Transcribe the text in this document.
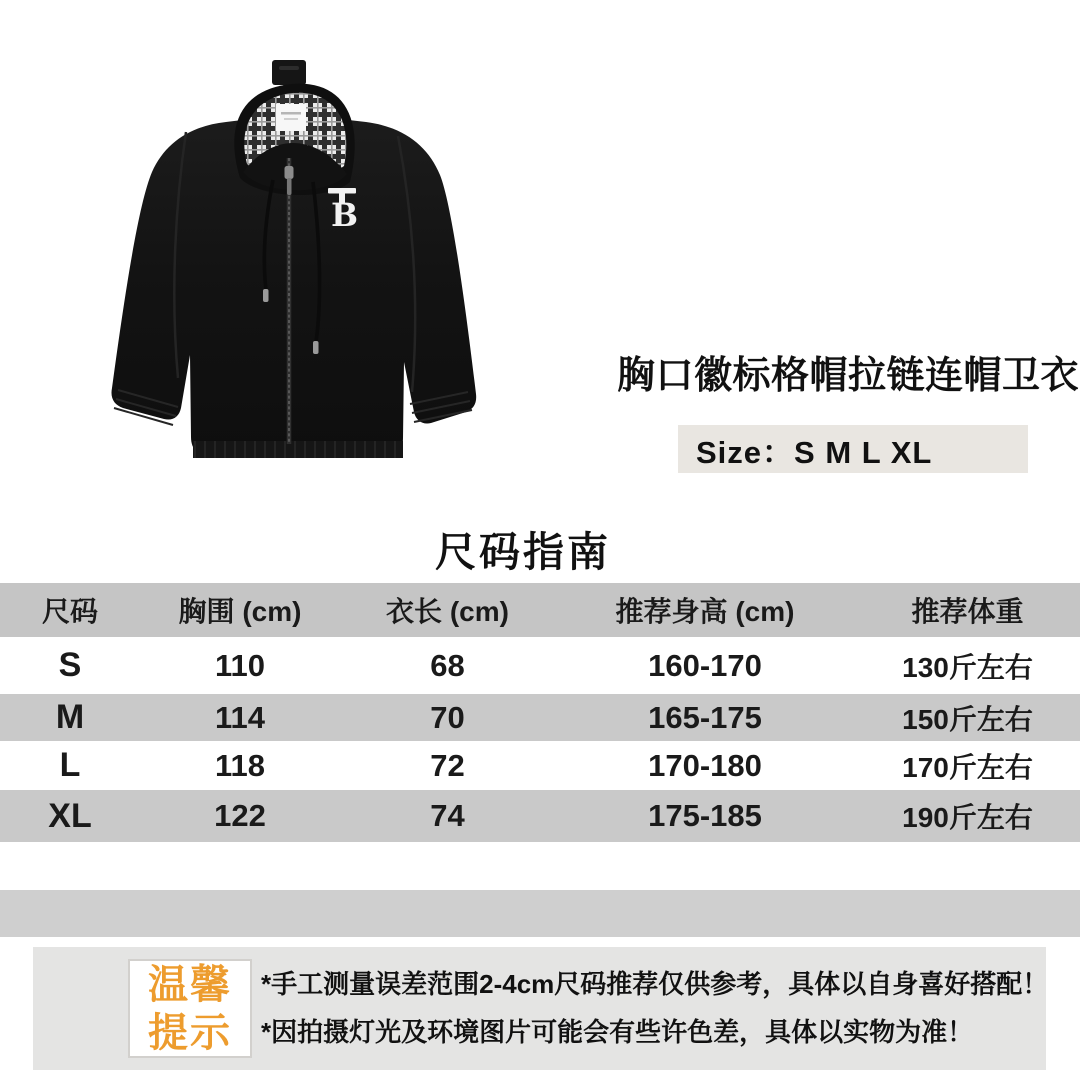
B
胸口徽标格帽拉链连帽卫衣
Size：S M L XL
尺码指南
尺码	胸围 (cm)	衣长 (cm)	推荐身高 (cm)	推荐体重
S	110	68	160-170	130斤左右
M	114	70	165-175	150斤左右
L	118	72	170-180	170斤左右
XL	122	74	175-185	190斤左右
温馨
提示

*手工测量误差范围2-4cm尺码推荐仅供参考，具体以自身喜好搭配！

*因拍摄灯光及环境图片可能会有些许色差，具体以实物为准！
